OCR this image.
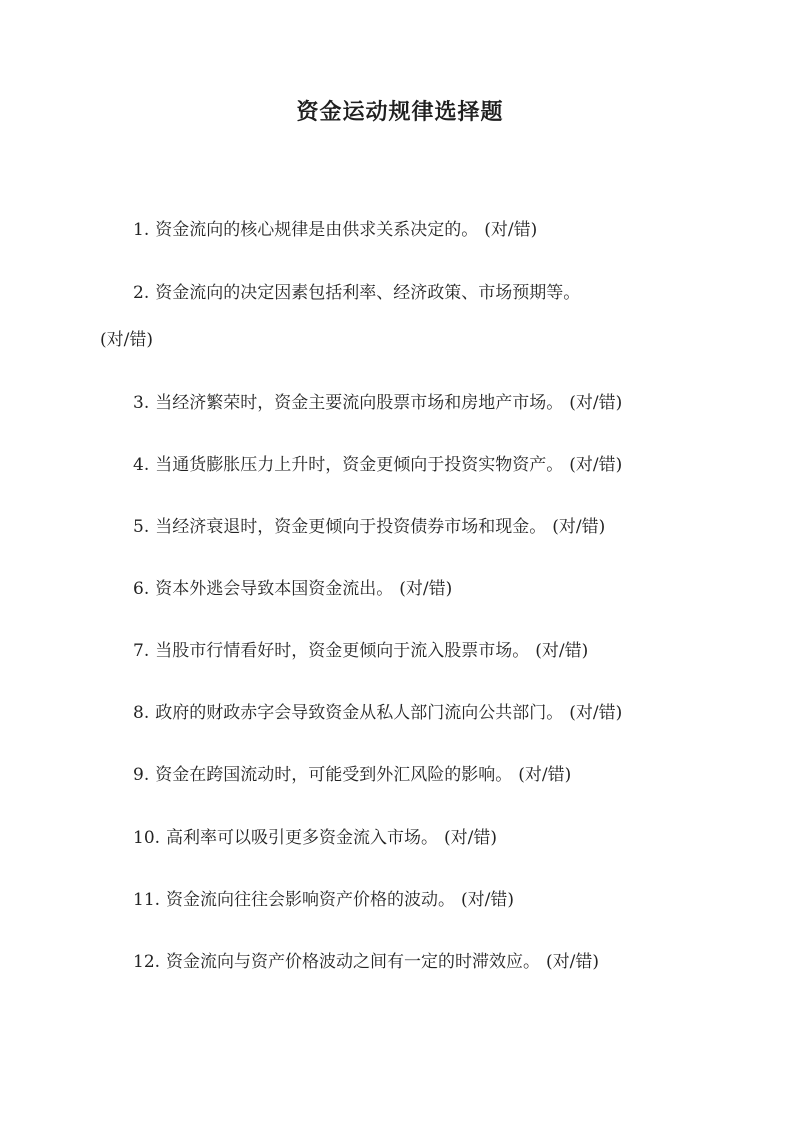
资金运动规律选择题
1. 资金流向的核心规律是由供求关系决定的。 (对/错)
2. 资金流向的决定因素包括利率、经济政策、市场预期等。
(对/错)
3. 当经济繁荣时，资金主要流向股票市场和房地产市场。 (对/错)
4. 当通货膨胀压力上升时，资金更倾向于投资实物资产。 (对/错)
5. 当经济衰退时，资金更倾向于投资债券市场和现金。 (对/错)
6. 资本外逃会导致本国资金流出。 (对/错)
7. 当股市行情看好时，资金更倾向于流入股票市场。 (对/错)
8. 政府的财政赤字会导致资金从私人部门流向公共部门。 (对/错)
9. 资金在跨国流动时，可能受到外汇风险的影响。 (对/错)
10. 高利率可以吸引更多资金流入市场。 (对/错)
11. 资金流向往往会影响资产价格的波动。 (对/错)
12. 资金流向与资产价格波动之间有一定的时滞效应。 (对/错)
